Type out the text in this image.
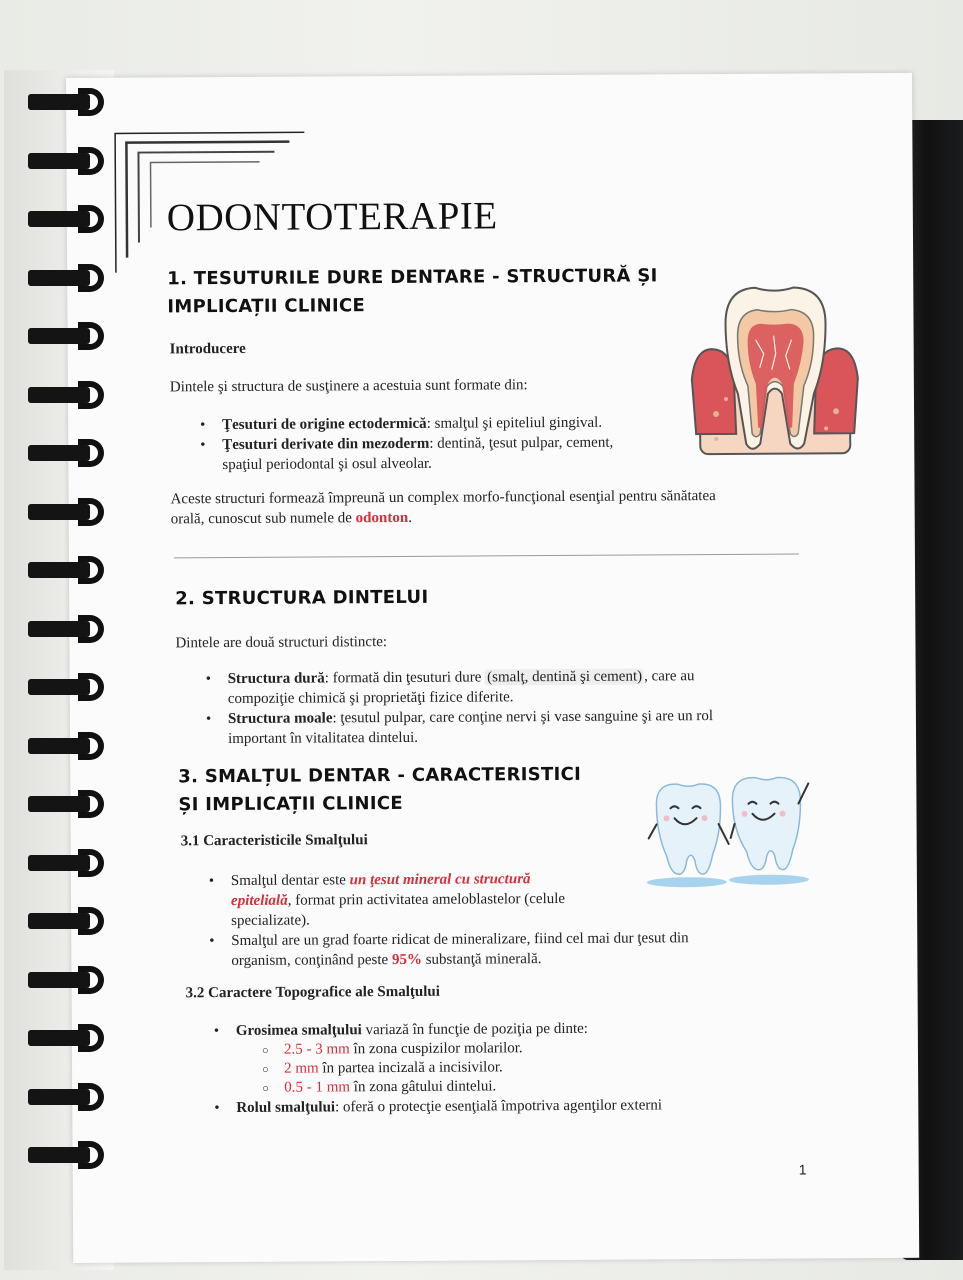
ODONTOTERAPIE

1. TESUTURILE DURE DENTARE - STRUCTURĂ ȘI

IMPLICAȚII CLINICE

Introducere

Dintele şi structura de susţinere a acestuia sunt formate din:

• Ţesuturi de origine ectodermică: smalţul şi epiteliul gingival.
• Ţesuturi derivate din mezoderm: dentină, ţesut pulpar, cement,
spaţiul periodontal şi osul alveolar.

Aceste structuri formează împreună un complex morfo-funcţional esenţial pentru sănătatea

orală, cunoscut sub numele de odonton.

2. STRUCTURA DINTELUI

Dintele are două structuri distincte:

• Structura dură: formată din ţesuturi dure (smalţ, dentină şi cement) , care au
compoziţie chimică şi proprietăţi fizice diferite.
• Structura moale: ţesutul pulpar, care conţine nervi şi vase sanguine şi are un rol
important în vitalitatea dintelui.

3. SMALȚUL DENTAR - CARACTERISTICI

ȘI IMPLICAȚII CLINICE

3.1 Caracteristicile Smalţului

• Smalţul dentar este un ţesut mineral cu structură
epitelială, format prin activitatea ameloblastelor (celule
specializate).
• Smalţul are un grad foarte ridicat de mineralizare, fiind cel mai dur ţesut din
organism, conţinând peste 95% substanţă minerală.

3.2 Caractere Topografice ale Smalţului

• Grosimea smalţului variază în funcţie de poziţia pe dinte:
○ 2.5 - 3 mm în zona cuspizilor molarilor.
○ 2 mm în partea incizală a incisivilor.
○ 0.5 - 1 mm în zona gâtului dintelui.
• Rolul smalţului: oferă o protecţie esenţială împotriva agenţilor externi
1
